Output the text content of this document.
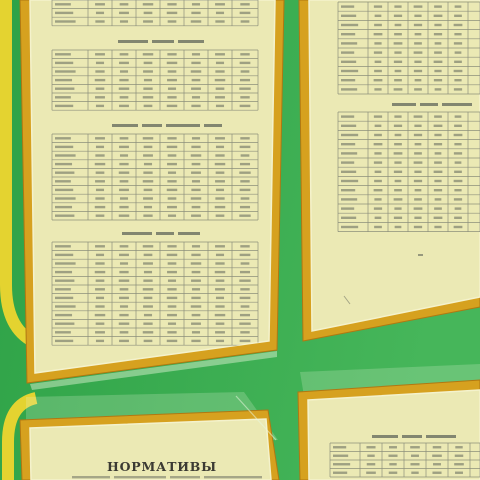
НОРМАТИВЫ
